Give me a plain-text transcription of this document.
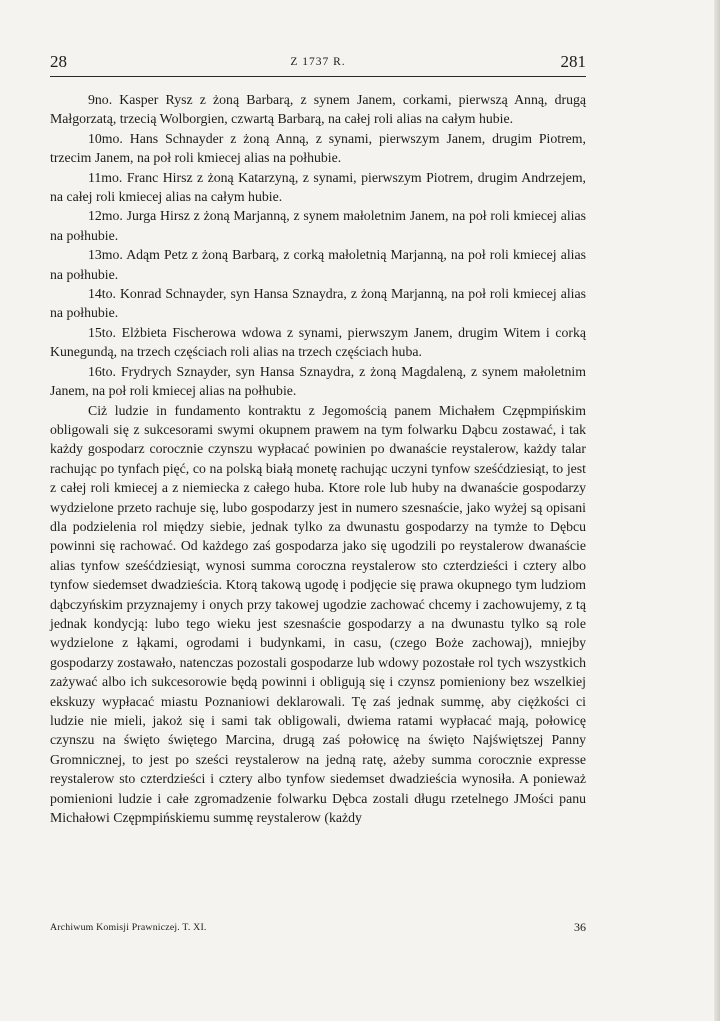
28	Z 1737 R.	281

9no. Kasper Rysz z żoną Barbarą, z synem Janem, corkami, pierwszą Anną, drugą Małgorzatą, trzecią Wolborgien, czwartą Barbarą, na całej roli alias na całym hubie.

10mo. Hans Schnayder z żoną Anną, z synami, pierwszym Janem, drugim Piotrem, trzecim Janem, na poł roli kmiecej alias na połhubie.

11mo. Franc Hirsz z żoną Katarzyną, z synami, pierwszym Piotrem, drugim Andrzejem, na całej roli kmiecej alias na całym hubie.

12mo. Jurga Hirsz z żoną Marjanną, z synem małoletnim Janem, na poł roli kmiecej alias na połhubie.

13mo. Adąm Petz z żoną Barbarą, z corką małoletnią Marjanną, na poł roli kmiecej alias na połhubie.

14to. Konrad Schnayder, syn Hansa Sznaydra, z żoną Marjanną, na poł roli kmiecej alias na połhubie.

15to. Elżbieta Fischerowa wdowa z synami, pierwszym Janem, drugim Witem i corką Kunegundą, na trzech częściach roli alias na trzech częściach huba.

16to. Frydrych Sznayder, syn Hansa Sznaydra, z żoną Magdaleną, z synem małoletnim Janem, na poł roli kmiecej alias na połhubie.

Ciż ludzie in fundamento kontraktu z Jegomością panem Michałem Czępmpińskim obligowali się z sukcesorami swymi okupnem prawem na tym folwarku Dąbcu zostawać, i tak każdy gospodarz corocznie czynszu wypłacać powinien po dwanaście reystalerow, każdy talar rachując po tynfach pięć, co na polską białą monetę rachując uczyni tynfow sześćdziesiąt, to jest z całej roli kmiecej a z niemiecka z całego huba. Ktore role lub huby na dwanaście gospodarzy wydzielone przeto rachuje się, lubo gospodarzy jest in numero szesnaście, jako wyżej są opisani dla podzielenia rol między siebie, jednak tylko za dwunastu gospodarzy na tymże to Dębcu powinni się rachować. Od każdego zaś gospodarza jako się ugodzili po reystalerow dwanaście alias tynfow sześćdziesiąt, wynosi summa coroczna reystalerow sto czterdzieści i cztery albo tynfow siedemset dwadzieścia. Ktorą takową ugodę i podjęcie się prawa okupnego tym ludziom dąbczyńskim przyznajemy i onych przy takowej ugodzie zachować chcemy i zachowujemy, z tą jednak kondycją: lubo tego wieku jest szesnaście gospodarzy a na dwunastu tylko są role wydzielone z łąkami, ogrodami i budynkami, in casu, (czego Boże zachowaj), mniejby gospodarzy zostawało, natenczas pozostali gospodarze lub wdowy pozostałe rol tych wszystkich zażywać albo ich sukcesorowie będą powinni i obligują się i czynsz pomieniony bez wszelkiej ekskuzy wypłacać miastu Poznaniowi deklarowali. Tę zaś jednak summę, aby ciężkości ci ludzie nie mieli, jakoż się i sami tak obligowali, dwiema ratami wypłacać mają, połowicę czynszu na święto świętego Marcina, drugą zaś połowicę na święto Najświętszej Panny Gromnicznej, to jest po sześci reystalerow na jedną ratę, ażeby summa corocznie expresse reystalerow sto czterdzieści i cztery albo tynfow siedemset dwadzieścia wynosiła. A ponieważ pomienioni ludzie i całe zgromadzenie folwarku Dębca zostali długu rzetelnego JMości panu Michałowi Czępmpińskiemu summę reystalerow (każdy

Archiwum Komisji Prawniczej. T. XI.	36
